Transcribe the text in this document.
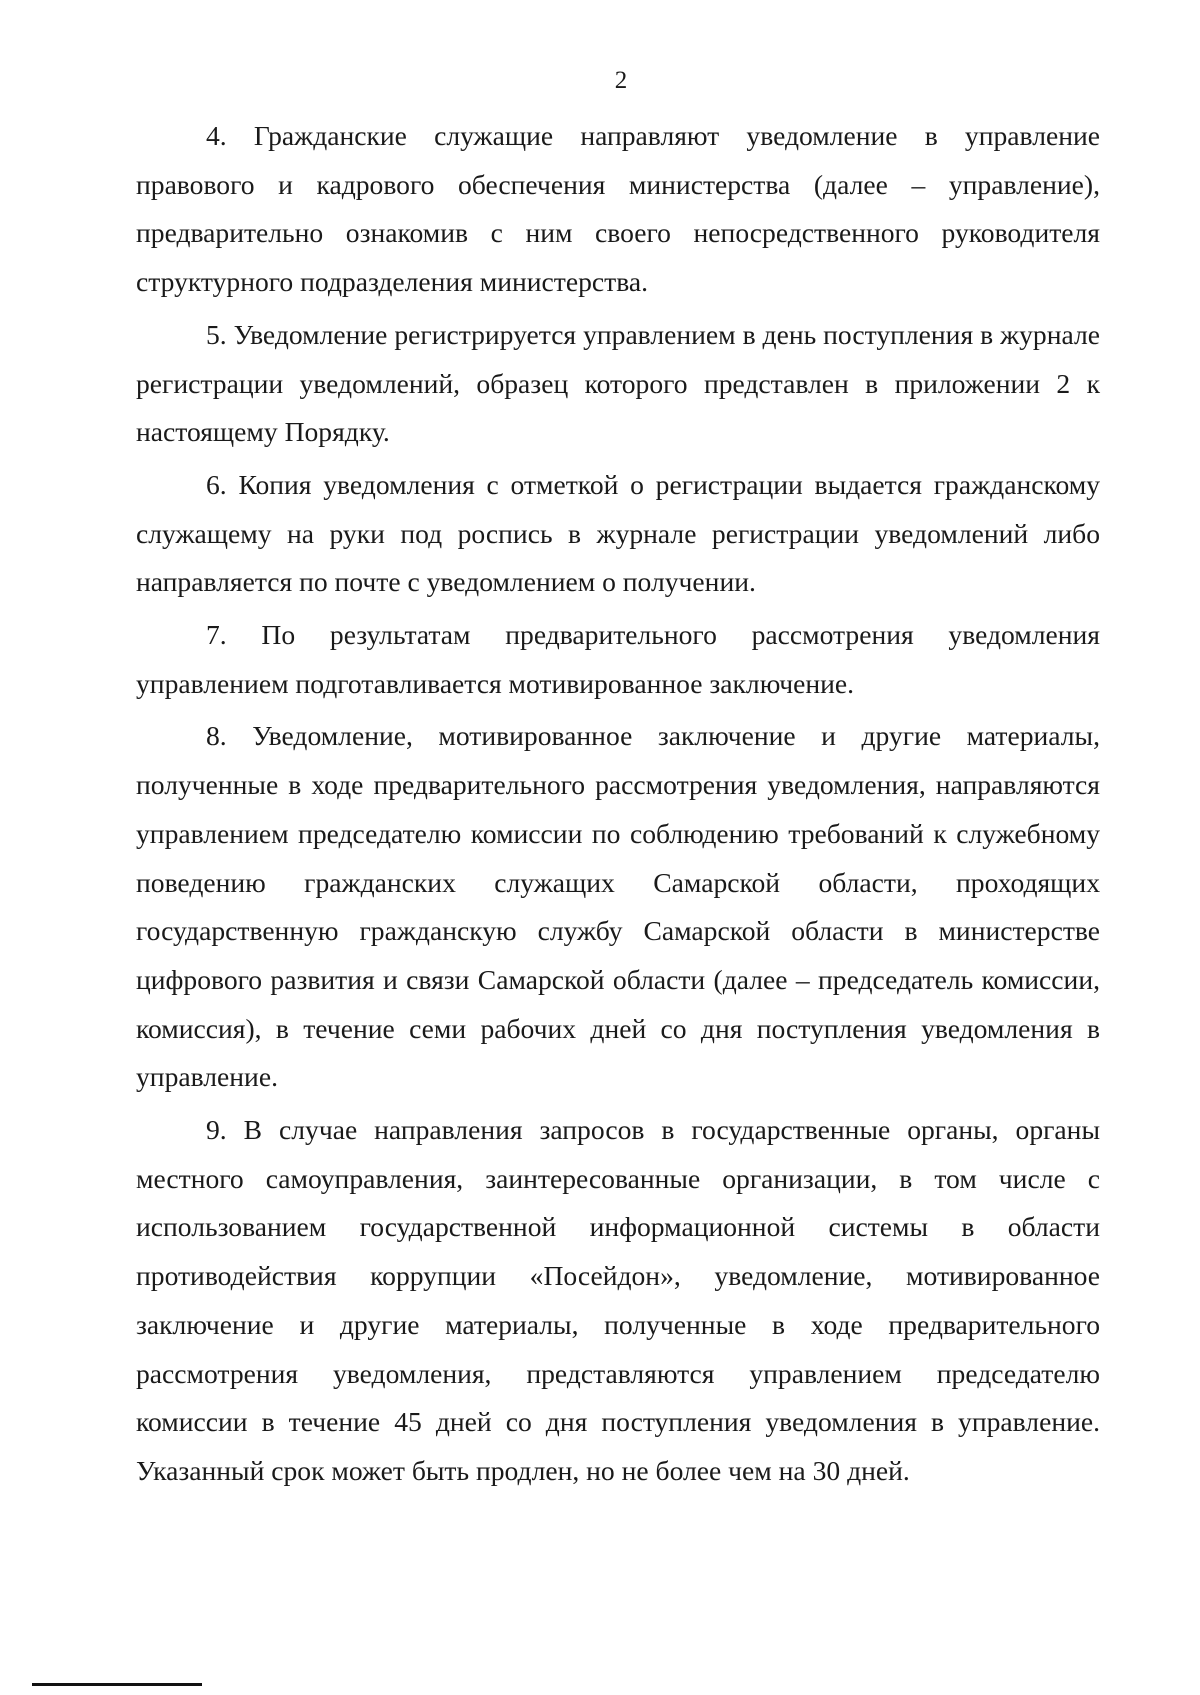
2

4. Гражданские служащие направляют уведомление в управление правового и кадрового обеспечения министерства (далее – управление), предварительно ознакомив с ним своего непосредственного руководителя структурного подразделения министерства.

5. Уведомление регистрируется управлением в день поступления в журнале регистрации уведомлений, образец которого представлен в приложении 2 к настоящему Порядку.

6. Копия уведомления с отметкой о регистрации выдается гражданскому служащему на руки под роспись в журнале регистрации уведомлений либо направляется по почте с уведомлением о получении.

7. По результатам предварительного рассмотрения уведомления управлением подготавливается мотивированное заключение.

8. Уведомление, мотивированное заключение и другие материалы, полученные в ходе предварительного рассмотрения уведомления, направляются управлением председателю комиссии по соблюдению требований к служебному поведению гражданских служащих Самарской области, проходящих государственную гражданскую службу Самарской области в министерстве цифрового развития и связи Самарской области (далее – председатель комиссии, комиссия), в течение семи рабочих дней со дня поступления уведомления в управление.

9. В случае направления запросов в государственные органы, органы местного самоуправления, заинтересованные организации, в том числе с использованием государственной информационной системы в области противодействия коррупции «Посейдон», уведомление, мотивированное заключение и другие материалы, полученные в ходе предварительного рассмотрения уведомления, представляются управлением председателю комиссии в течение 45 дней со дня поступления уведомления в управление. Указанный срок может быть продлен, но не более чем на 30 дней.
